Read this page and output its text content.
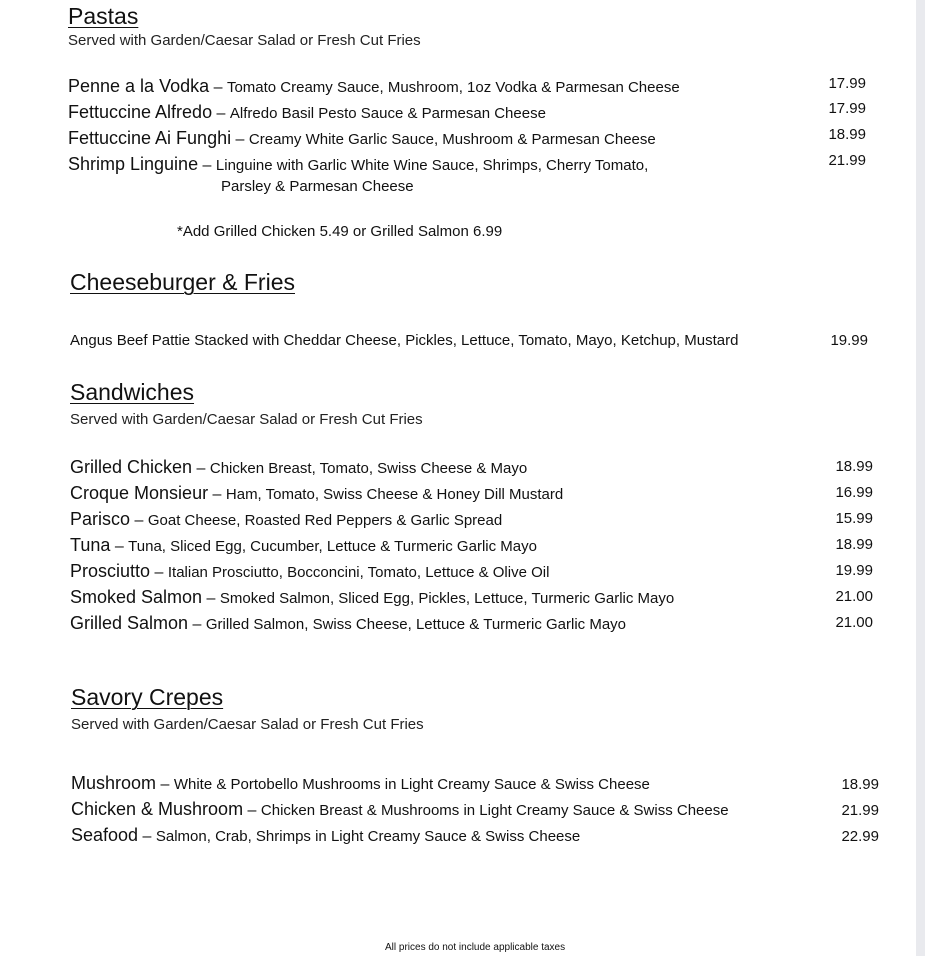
Pastas
Served with Garden/Caesar Salad or Fresh Cut Fries
Penne a la Vodka – Tomato Creamy Sauce, Mushroom, 1oz Vodka & Parmesan Cheese	17.99
Fettuccine Alfredo – Alfredo Basil Pesto Sauce & Parmesan Cheese	17.99
Fettuccine Ai Funghi – Creamy White Garlic Sauce, Mushroom & Parmesan Cheese	18.99
Shrimp Linguine – Linguine with Garlic White Wine Sauce, Shrimps, Cherry Tomato,	21.99
Parsley & Parmesan Cheese
*Add Grilled Chicken 5.49 or Grilled Salmon 6.99
Cheeseburger & Fries
Angus Beef Pattie Stacked with Cheddar Cheese, Pickles, Lettuce, Tomato, Mayo, Ketchup, Mustard	19.99
Sandwiches
Served with Garden/Caesar Salad or Fresh Cut Fries
Grilled Chicken – Chicken Breast, Tomato, Swiss Cheese & Mayo	18.99
Croque Monsieur – Ham, Tomato, Swiss Cheese & Honey Dill Mustard	16.99
Parisco – Goat Cheese, Roasted Red Peppers & Garlic Spread	15.99
Tuna – Tuna, Sliced Egg, Cucumber, Lettuce & Turmeric Garlic Mayo	18.99
Prosciutto – Italian Prosciutto, Bocconcini, Tomato, Lettuce & Olive Oil	19.99
Smoked Salmon – Smoked Salmon, Sliced Egg, Pickles, Lettuce, Turmeric Garlic Mayo	21.00
Grilled Salmon – Grilled Salmon, Swiss Cheese, Lettuce & Turmeric Garlic Mayo	21.00
Savory Crepes
Served with Garden/Caesar Salad or Fresh Cut Fries
Mushroom – White & Portobello Mushrooms in Light Creamy Sauce & Swiss Cheese	18.99
Chicken & Mushroom – Chicken Breast & Mushrooms in Light Creamy Sauce & Swiss Cheese	21.99
Seafood – Salmon, Crab, Shrimps in Light Creamy Sauce & Swiss Cheese	22.99
All prices do not include applicable taxes
